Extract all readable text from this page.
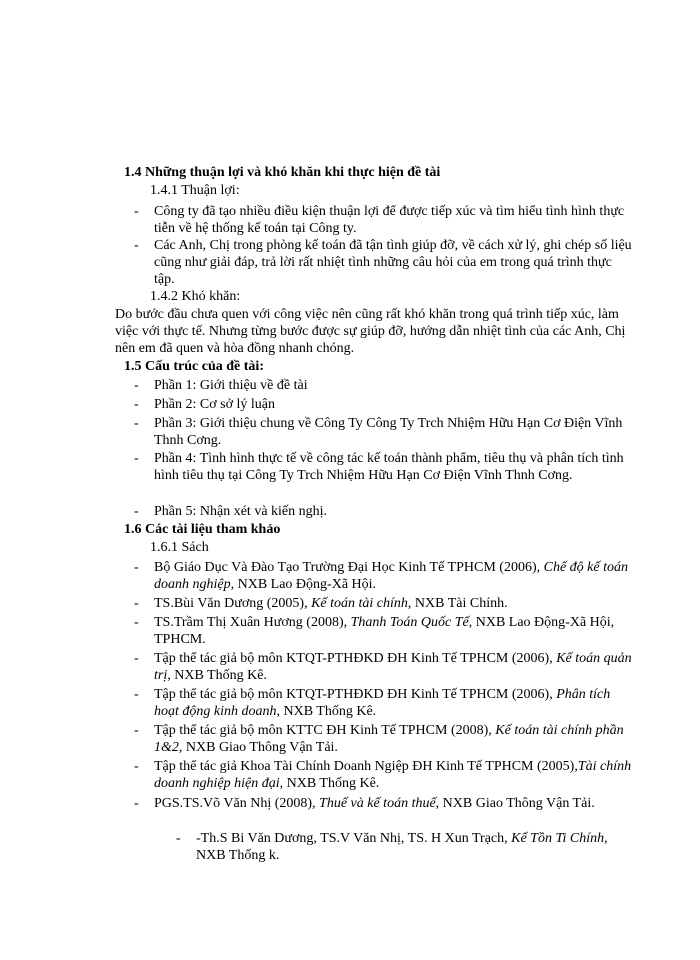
1.4 Những thuận lợi và khó khăn khi thực hiện đề tài
1.4.1 Thuận lợi:
-	Công ty đã tạo nhiều điều kiện thuận lợi để được tiếp xúc và tìm hiểu tình hình thực tiễn về hệ thống kế toán tại Công ty.
-	Các Anh, Chị trong phòng kế toán đã tận tình giúp đỡ, về cách xử lý, ghi chép số liệu cũng như giải đáp, trả lời rất nhiệt tình những câu hỏi của em trong quá trình thực tập.
1.4.2 Khó khăn:
Do bước đầu chưa quen với công việc nên cũng rất khó khăn trong quá trình tiếp xúc, làm việc với thực tế. Nhưng từng bước được sự giúp đỡ, hướng dẫn nhiệt tình của các Anh, Chị nên em đã quen và hòa đồng nhanh chóng.
1.5 Cấu trúc của đề tài:
-	Phần 1: Giới thiệu về đề tài
-	Phần 2: Cơ sở lý luận
-	Phần 3: Giới thiệu chung về Công Ty Công Ty Trch Nhiệm Hữu Hạn Cơ Điện Vĩnh Thnh Cơng.
-	Phần 4: Tình hình thực tế về công tác kế toán thành phẩm, tiêu thụ và phân tích tình hình tiêu thụ tại Công Ty Trch Nhiệm Hữu Hạn Cơ Điện Vĩnh Thnh Cơng.
-	Phần 5: Nhận xét và kiến nghị.
1.6 Các tài liệu tham khảo
1.6.1 Sách
-	Bộ Giáo Dục Và Đào Tạo Trường Đại Học Kinh Tế TPHCM (2006), Chế độ kế toán doanh nghiệp, NXB Lao Động-Xã Hội.
-	TS.Bùi Văn Dương (2005), Kế toán tài chính, NXB Tài Chính.
-	TS.Trầm Thị Xuân Hương (2008), Thanh Toán Quốc Tế, NXB Lao Động-Xã Hội, TPHCM.
-	Tập thể tác giả bộ môn KTQT-PTHĐKD ĐH Kinh Tế TPHCM (2006), Kế toán quản trị, NXB Thống Kê.
-	Tập thể tác giả bộ môn KTQT-PTHĐKD ĐH Kinh Tế TPHCM (2006), Phân tích hoạt động kinh doanh, NXB Thống Kê.
-	Tập thể tác giả bộ môn KTTC ĐH Kinh Tế TPHCM (2008), Kế toán tài chính phần 1&2, NXB Giao Thông Vận Tải.
-	Tập thể tác giả Khoa Tài Chính Doanh Ngiệp ĐH Kinh Tế TPHCM (2005),Tài chính doanh nghiệp hiện đại, NXB Thống Kê.
-	PGS.TS.Võ Văn Nhị (2008), Thuế và kế toán thuế, NXB Giao Thông Vận Tải.
-	-Th.S Bi Văn Dương, TS.V Văn Nhị, TS. H Xun Trạch, Kế Tồn Ti Chính, NXB Thống k.
